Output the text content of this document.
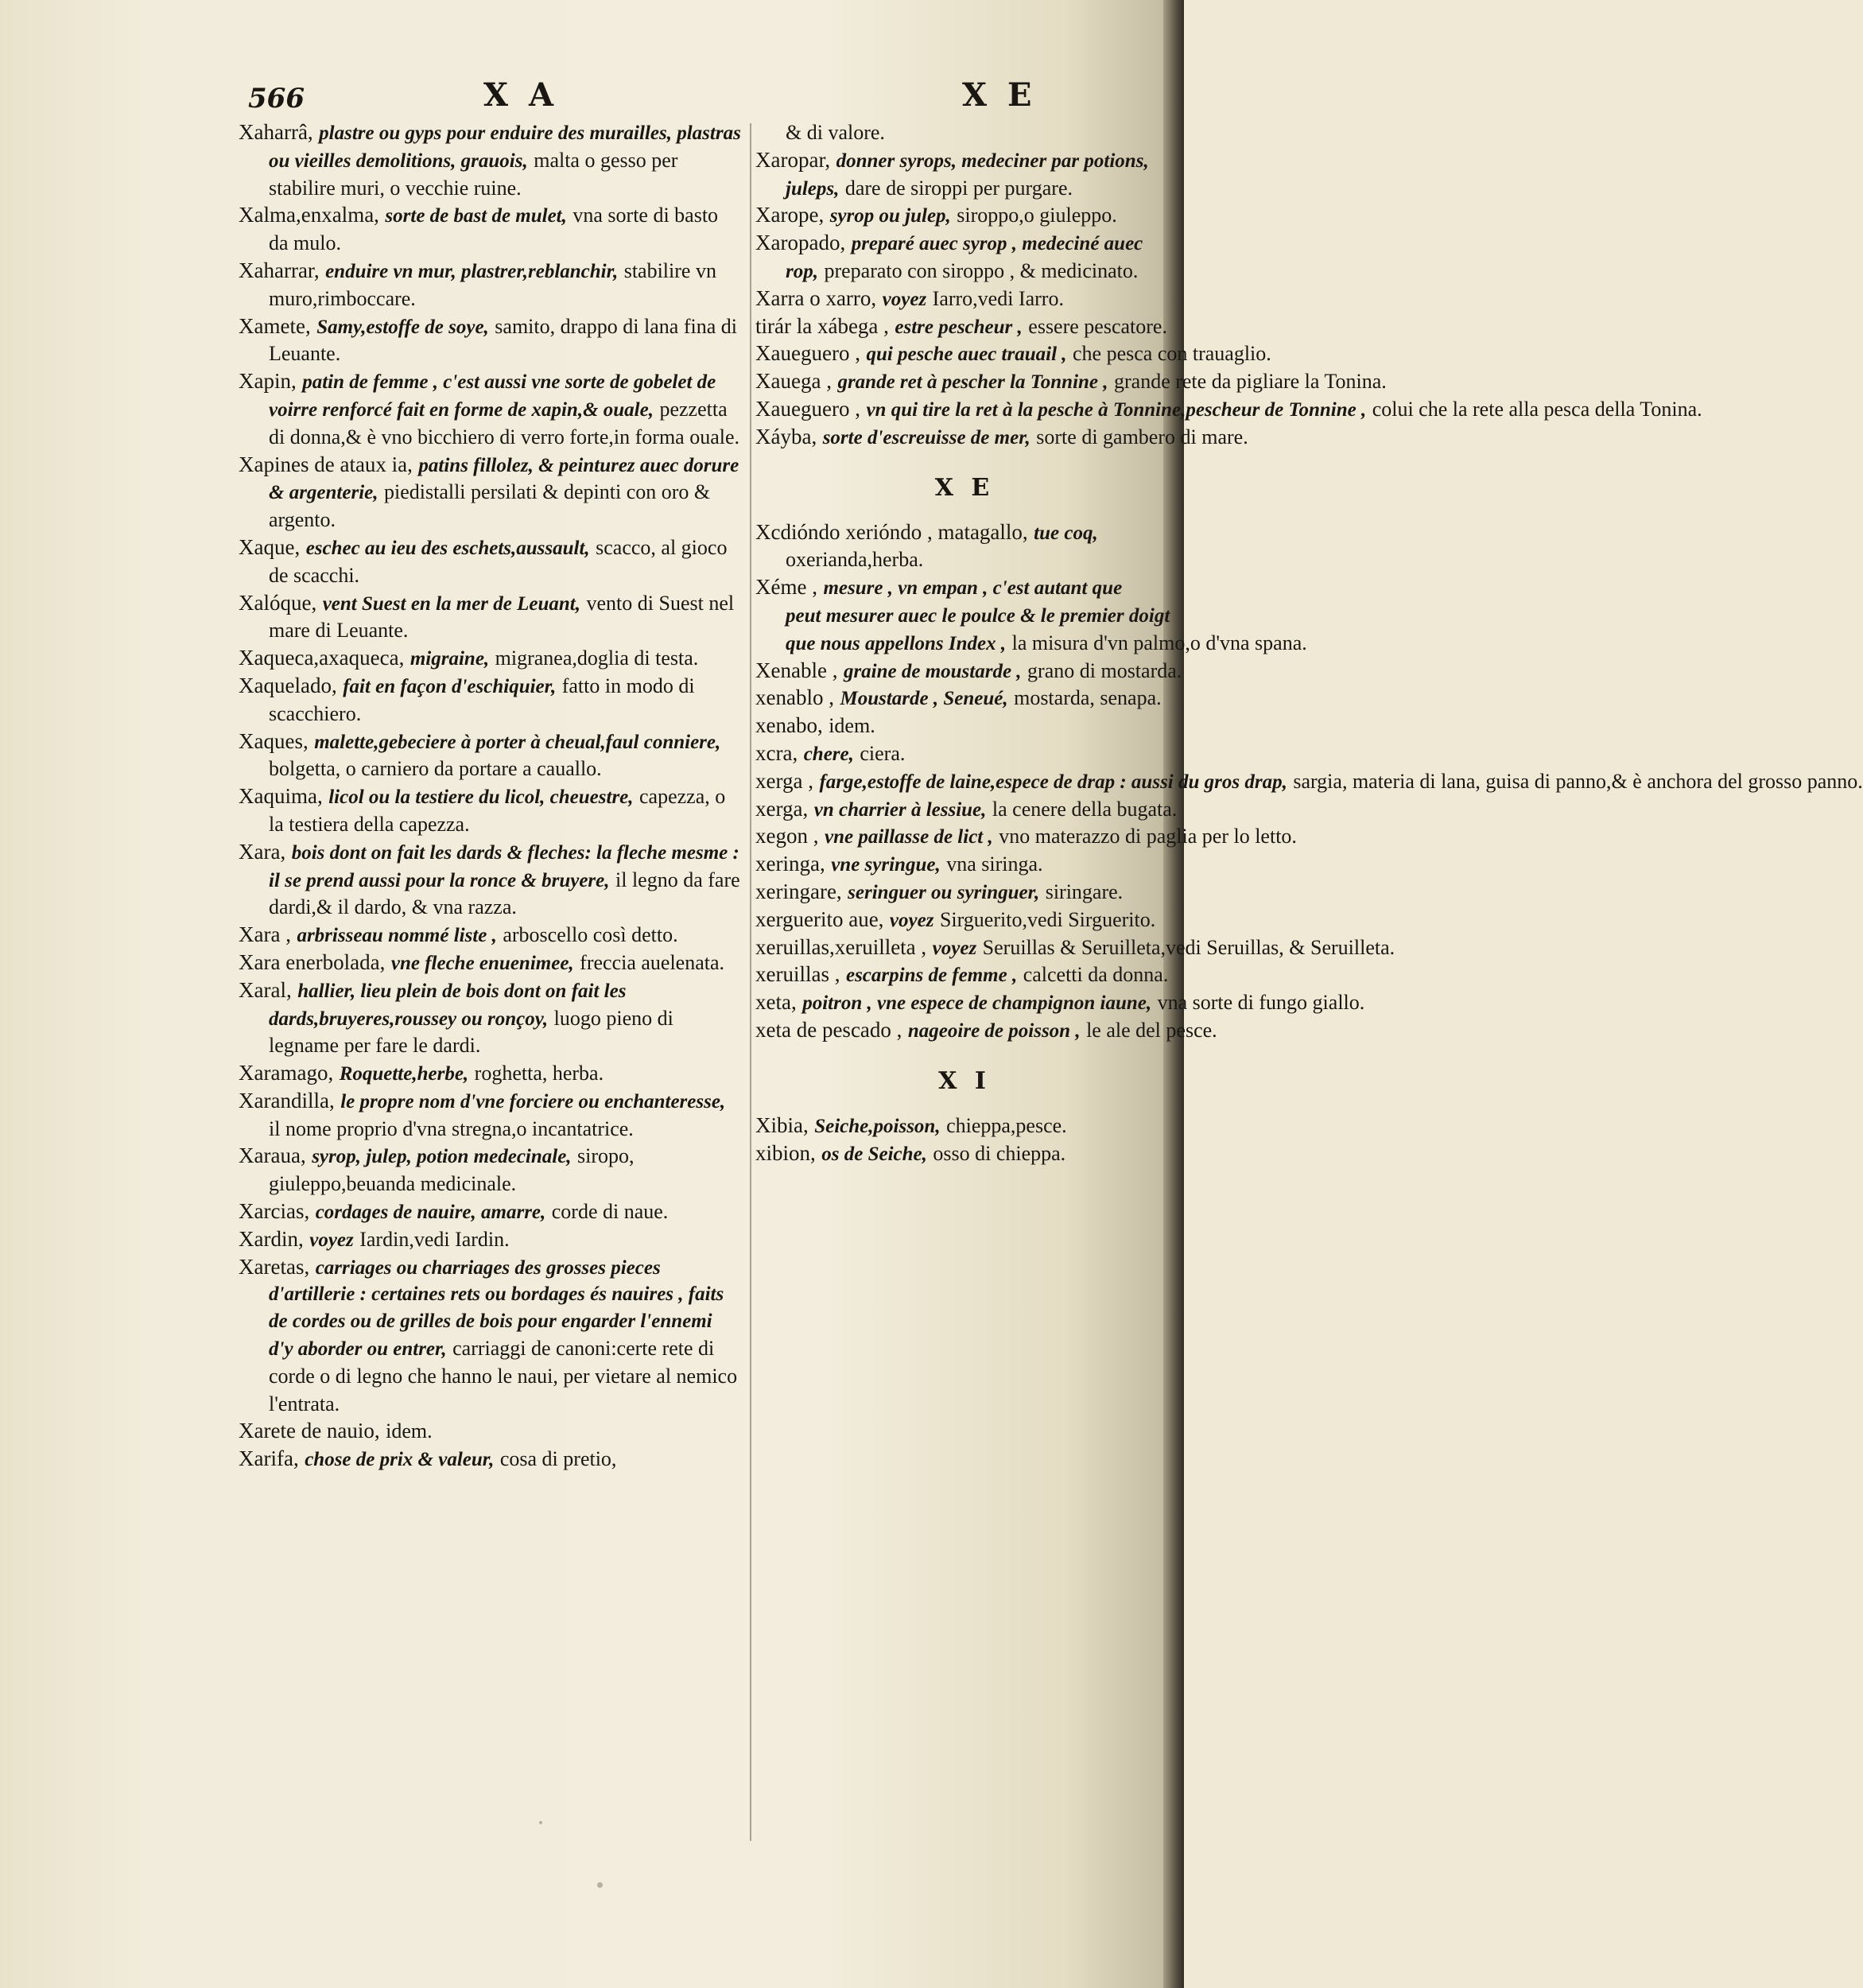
566	X A	X E

Xaharrâ, plastre ou gyps pour enduire des murailles, plastras ou vieilles demolitions, grauois, malta o gesso per stabilire muri, o vecchie ruine.

Xalma,enxalma, sorte de bast de mulet, vna sorte di basto da mulo.

Xaharrar, enduire vn mur, plastrer,reblanchir, stabilire vn muro,rimboccare.

Xamete, Samy,estoffe de soye, samito, drappo di lana fina di Leuante.

Xapin, patin de femme , c'est aussi vne sorte de gobelet de voirre renforcé fait en forme de xapin,& ouale, pezzetta di donna,& è vno bicchiero di verro forte,in forma ouale.

Xapines de ataux ia, patins fillolez, & peinturez auec dorure & argenterie, piedistalli persilati & depinti con oro & argento.

Xaque, eschec au ieu des eschets,aussault, scacco, al gioco de scacchi.

Xalóque, vent Suest en la mer de Leuant, vento di Suest nel mare di Leuante.

Xaqueca,axaqueca, migraine, migranea,doglia di testa.

Xaquelado, fait en façon d'eschiquier, fatto in modo di scacchiero.

Xaques, malette,gebeciere à porter à cheual,faul conniere, bolgetta, o carniero da portare a cauallo.

Xaquima, licol ou la testiere du licol, cheuestre, capezza, o la testiera della capezza.

Xara, bois dont on fait les dards & fleches: la fleche mesme : il se prend aussi pour la ronce & bruyere, il legno da fare dardi,& il dardo, & vna razza.

Xara , arbrisseau nommé liste , arboscello così detto.

Xara enerbolada, vne fleche enuenimee, freccia auelenata.

Xaral, hallier, lieu plein de bois dont on fait les dards,bruyeres,roussey ou ronçoy, luogo pieno di legname per fare le dardi.

Xaramago, Roquette,herbe, roghetta, herba.

Xarandilla, le propre nom d'vne forciere ou enchanteresse, il nome proprio d'vna stregna,o incantatrice.

Xaraua, syrop, julep, potion medecinale, siropo, giuleppo,beuanda medicinale.

Xarcias, cordages de nauire, amarre, corde di naue.

Xardin, voyez Iardin,vedi Iardin.

Xaretas, carriages ou charriages des grosses pieces d'artillerie : certaines rets ou bordages és nauires , faits de cordes ou de grilles de bois pour engarder l'ennemi d'y aborder ou entrer, carriaggi de canoni:certe rete di corde o di legno che hanno le naui, per vietare al nemico l'entrata.

Xarete de nauio, idem.

Xarifa, chose de prix & valeur, cosa di pretio,

& di valore.

Xaropar, donner syrops, medeciner par potions,

juleps, dare de siroppi per purgare.

Xarope, syrop ou julep, siroppo,o giuleppo.

Xaropado, preparé auec syrop , medeciné auec

rop, preparato con siroppo , & medicinato.

Xarra o xarro, voyez Iarro,vedi Iarro.

tirár la xábega , estre pescheur , essere pescatore.

Xaueguero , qui pesche auec trauail , che pesca con trauaglio.

Xauega , grande ret à pescher la Tonnine , grande rete da pigliare la Tonina.

Xaueguero , vn qui tire la ret à la pesche à Tonnine,pescheur de Tonnine , colui che la rete alla pesca della Tonina.

Xáyba, sorte d'escreuisse de mer, sorte di gambero di mare.

X E

Xcdióndo xerióndo , matagallo, tue coq,

oxerianda,herba.

Xéme , mesure , vn empan , c'est autant que

peut mesurer auec le poulce & le premier doigt

que nous appellons Index , la misura d'vn palmo,o d'vna spana.

Xenable , graine de moustarde , grano di mostarda.

xenablo , Moustarde , Seneué, mostarda, senapa.

xenabo, idem.

xcra, chere, ciera.

xerga , farge,estoffe de laine,espece de drap : aussi du gros drap, sargia, materia di lana, guisa di panno,& è anchora del grosso panno.

xerga, vn charrier à lessiue, la cenere della bugata.

xegon , vne paillasse de lict , vno materazzo di paglia per lo letto.

xeringa, vne syringue, vna siringa.

xeringare, seringuer ou syringuer, siringare.

xerguerito aue, voyez Sirguerito,vedi Sirguerito.

xeruillas,xeruilleta , voyez Seruillas & Seruilleta,vedi Seruillas, & Seruilleta.

xeruillas , escarpins de femme , calcetti da donna.

xeta, poitron , vne espece de champignon iaune, vna sorte di fungo giallo.

xeta de pescado , nageoire de poisson , le ale del pesce.

X I

Xibia, Seiche,poisson, chieppa,pesce.

xibion, os de Seiche, osso di chieppa.
